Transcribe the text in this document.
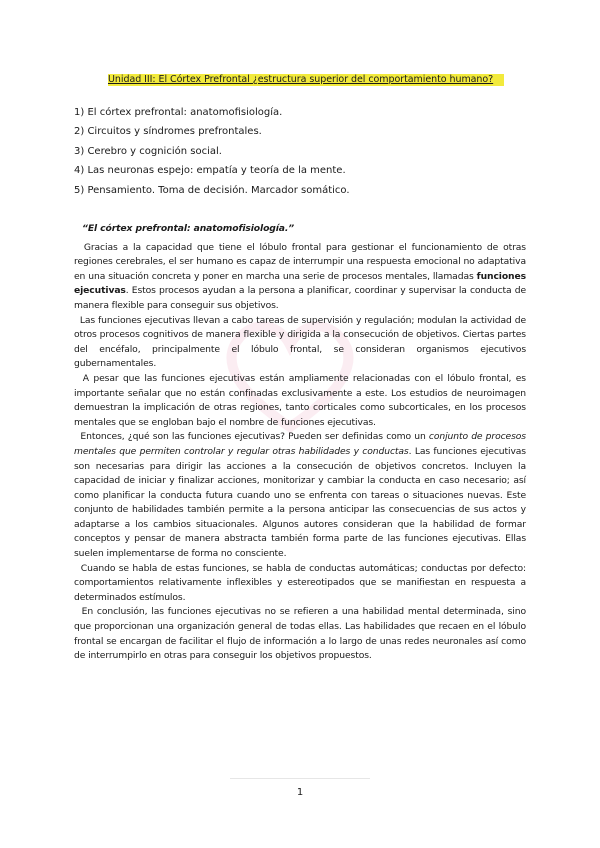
Unidad III: El Córtex Prefrontal ¿estructura superior del comportamiento humano?
1) El córtex prefrontal: anatomofisiología.
2) Circuitos y síndromes prefrontales.
3) Cerebro y cognición social.
4) Las neuronas espejo: empatía y teoría de la mente.
5) Pensamiento. Toma de decisión. Marcador somático.

“El córtex prefrontal: anatomofisiología.”

Gracias a la capacidad que tiene el lóbulo frontal para gestionar el funcionamiento de otras regiones cerebrales, el ser humano es capaz de interrumpir una respuesta emocional no adaptativa en una situación concreta y poner en marcha una serie de procesos mentales, llamadas funciones ejecutivas. Estos procesos ayudan a la persona a planificar, coordinar y supervisar la conducta de manera flexible para conseguir sus objetivos.

Las funciones ejecutivas llevan a cabo tareas de supervisión y regulación; modulan la actividad de otros procesos cognitivos de manera flexible y dirigida a la consecución de objetivos. Ciertas partes del encéfalo, principalmente el lóbulo frontal, se consideran organismos ejecutivos gubernamentales.

A pesar que las funciones ejecutivas están ampliamente relacionadas con el lóbulo frontal, es importante señalar que no están confinadas exclusivamente a este. Los estudios de neuroimagen demuestran la implicación de otras regiones, tanto corticales como subcorticales, en los procesos mentales que se engloban bajo el nombre de funciones ejecutivas.

Entonces, ¿qué son las funciones ejecutivas? Pueden ser definidas como un conjunto de procesos mentales que permiten controlar y regular otras habilidades y conductas. Las funciones ejecutivas son necesarias para dirigir las acciones a la consecución de objetivos concretos. Incluyen la capacidad de iniciar y finalizar acciones, monitorizar y cambiar la conducta en caso necesario; así como planificar la conducta futura cuando uno se enfrenta con tareas o situaciones nuevas. Este conjunto de habilidades también permite a la persona anticipar las consecuencias de sus actos y adaptarse a los cambios situacionales. Algunos autores consideran que la habilidad de formar conceptos y pensar de manera abstracta también forma parte de las funciones ejecutivas. Ellas suelen implementarse de forma no consciente.

Cuando se habla de estas funciones, se habla de conductas automáticas; conductas por defecto: comportamientos relativamente inflexibles y estereotipados que se manifiestan en respuesta a determinados estímulos.

En conclusión, las funciones ejecutivas no se refieren a una habilidad mental determinada, sino que proporcionan una organización general de todas ellas. Las habilidades que recaen en el lóbulo frontal se encargan de facilitar el flujo de información a lo largo de unas redes neuronales así como de interrumpirlo en otras para conseguir los objetivos propuestos.

1
